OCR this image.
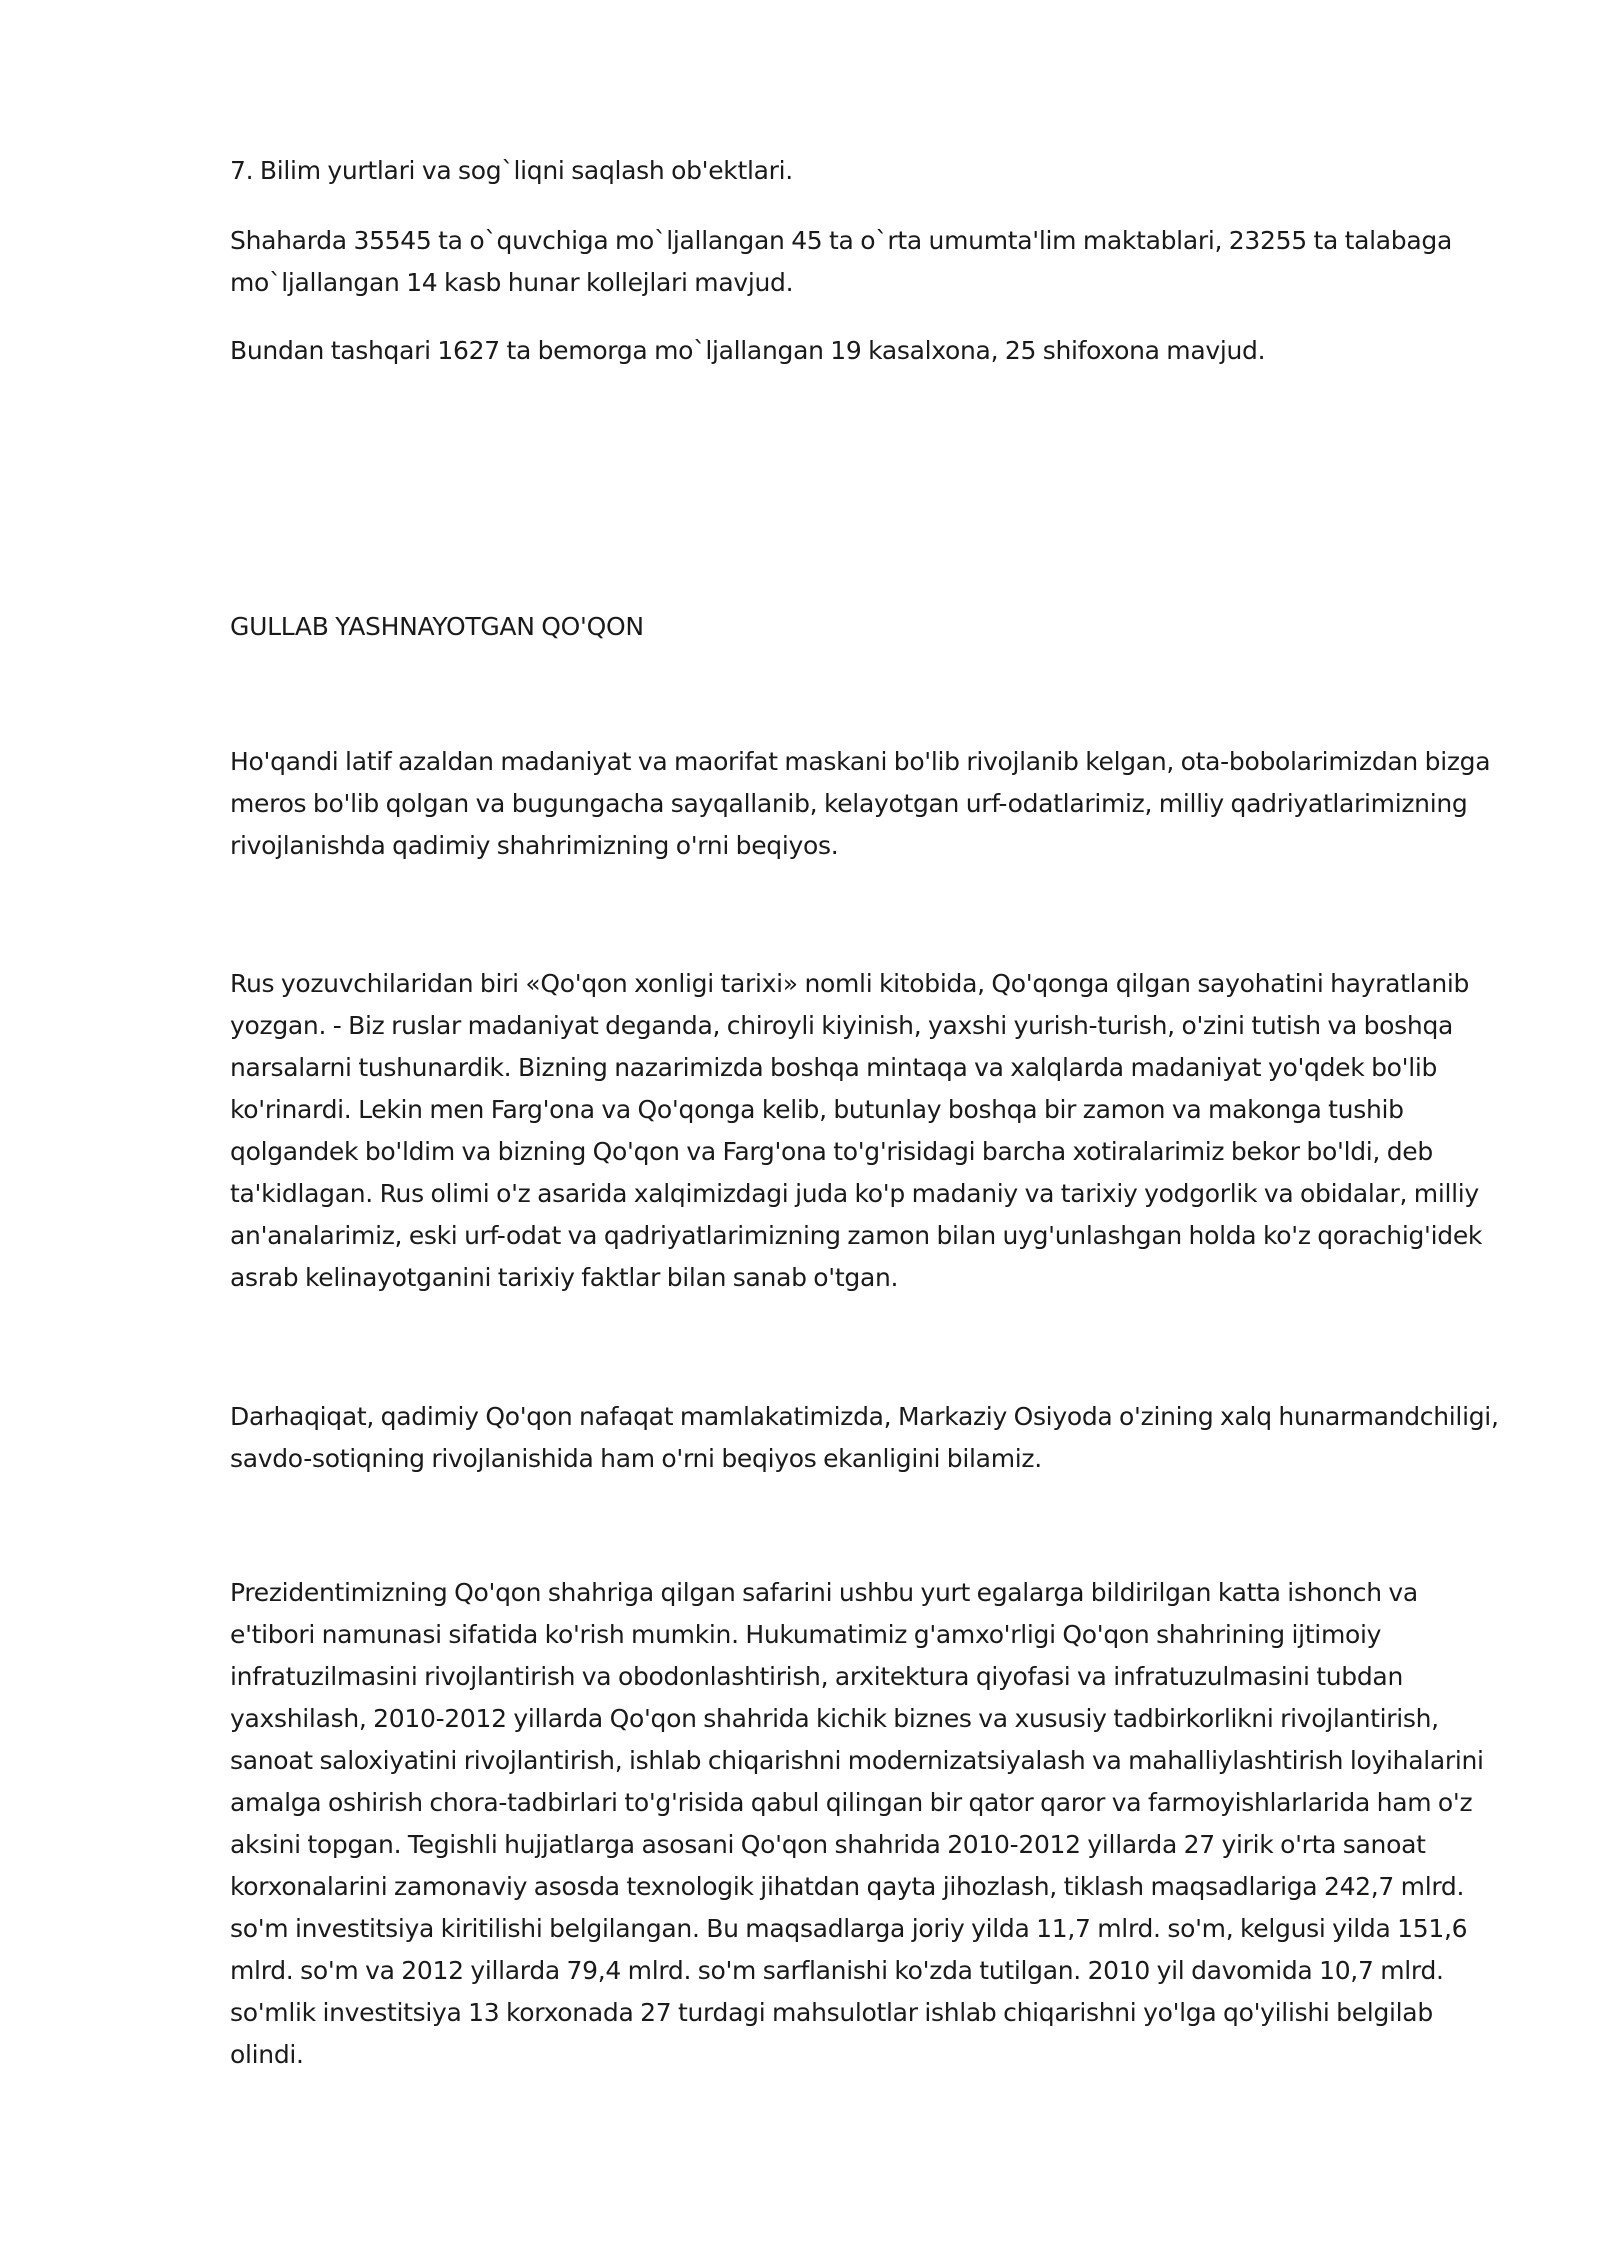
7. Bilim yurtlari va sog`liqni saqlash ob'ektlari.

Shaharda 35545 ta o`quvchiga mo`ljallangan 45 ta o`rta umumta'lim maktablari, 23255 ta talabaga mo`ljallangan 14 kasb hunar kollejlari mavjud.

Bundan tashqari 1627 ta bemorga mo`ljallangan 19 kasalxona, 25 shifoxona mavjud.

GULLAB YASHNAYOTGAN QO'QON

Ho'qandi latif azaldan madaniyat va maorifat maskani bo'lib rivojlanib kelgan, ota-bobolarimizdan bizga meros bo'lib qolgan va bugungacha sayqallanib, kelayotgan urf-odatlarimiz, milliy qadriyatlarimizning rivojlanishda qadimiy shahrimizning o'rni beqiyos.

Rus yozuvchilaridan biri «Qo'qon xonligi tarixi» nomli kitobida, Qo'qonga qilgan sayohatini hayratlanib yozgan. - Biz ruslar madaniyat deganda, chiroyli kiyinish, yaxshi yurish-turish, o'zini tutish va boshqa narsalarni tushunardik. Bizning nazarimizda boshqa mintaqa va xalqlarda madaniyat yo'qdek bo'lib ko'rinardi. Lekin men Farg'ona va Qo'qonga kelib, butunlay boshqa bir zamon va makonga tushib qolgandek bo'ldim va bizning Qo'qon va Farg'ona to'g'risidagi barcha xotiralarimiz bekor bo'ldi, deb ta'kidlagan. Rus olimi o'z asarida xalqimizdagi juda ko'p madaniy va tarixiy yodgorlik va obidalar, milliy an'analarimiz, eski urf-odat va qadriyatlarimizning zamon bilan uyg'unlashgan holda ko'z qorachig'idek asrab kelinayotganini tarixiy faktlar bilan sanab o'tgan.

Darhaqiqat, qadimiy Qo'qon nafaqat mamlakatimizda, Markaziy Osiyoda o'zining xalq hunarmandchiligi, savdo-sotiqning rivojlanishida ham o'rni beqiyos ekanligini bilamiz.

Prezidentimizning Qo'qon shahriga qilgan safarini ushbu yurt egalarga bildirilgan katta ishonch va e'tibori namunasi sifatida ko'rish mumkin. Hukumatimiz g'amxo'rligi Qo'qon shahrining ijtimoiy infratuzilmasini rivojlantirish va obodonlashtirish, arxitektura qiyofasi va infratuzulmasini tubdan yaxshilash, 2010-2012 yillarda Qo'qon shahrida kichik biznes va xususiy tadbirkorlikni rivojlantirish, sanoat saloxiyatini rivojlantirish, ishlab chiqarishni modernizatsiyalash va mahalliylashtirish loyihalarini amalga oshirish chora-tadbirlari to'g'risida qabul qilingan bir qator qaror va farmoyishlarlarida ham o'z aksini topgan. Tegishli hujjatlarga asosani Qo'qon shahrida 2010-2012 yillarda 27 yirik o'rta sanoat korxonalarini zamonaviy asosda texnologik jihatdan qayta jihozlash, tiklash maqsadlariga 242,7 mlrd. so'm investitsiya kiritilishi belgilangan. Bu maqsadlarga joriy yilda 11,7 mlrd. so'm, kelgusi yilda 151,6 mlrd. so'm va 2012 yillarda 79,4 mlrd. so'm sarflanishi ko'zda tutilgan. 2010 yil davomida 10,7 mlrd. so'mlik investitsiya 13 korxonada 27 turdagi mahsulotlar ishlab chiqarishni yo'lga qo'yilishi belgilab olindi.
